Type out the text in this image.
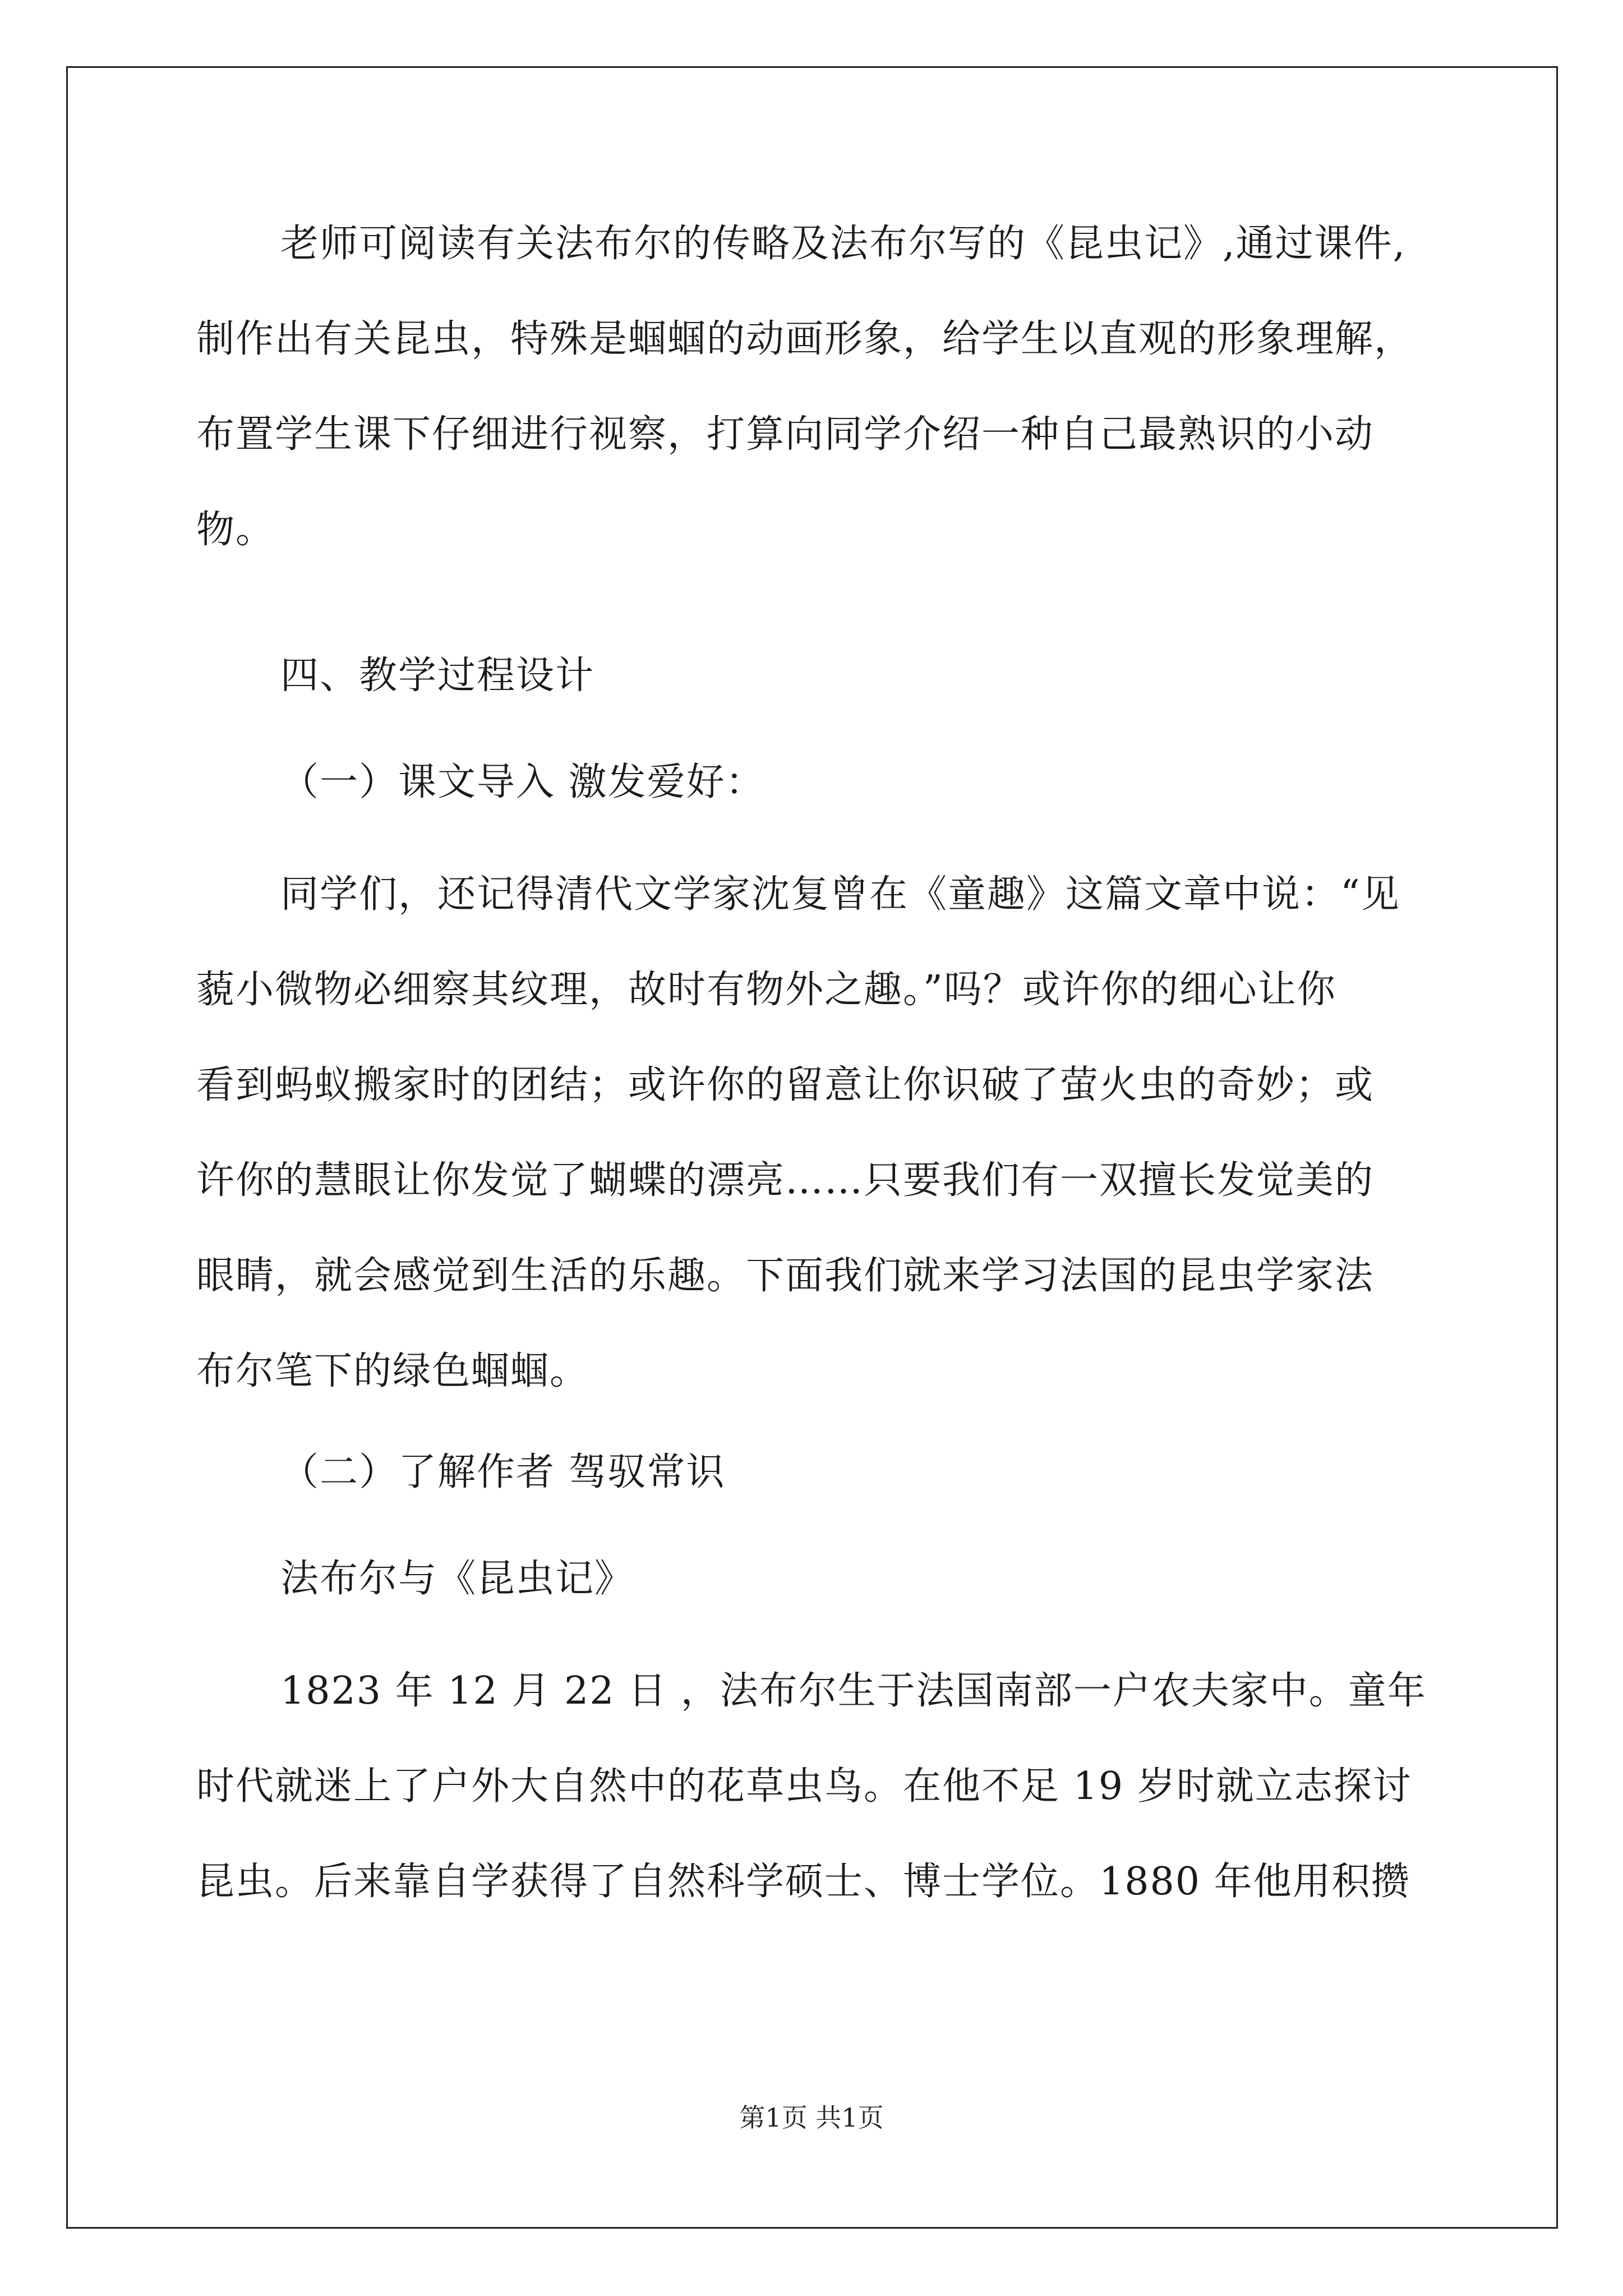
老师可阅读有关法布尔的传略及法布尔写的《昆虫记》,通过课件,
制作出有关昆虫，特殊是蝈蝈的动画形象，给学生以直观的形象理解，
布置学生课下仔细进行视察，打算向同学介绍一种自己最熟识的小动
物。
四、教学过程设计
（一）课文导入 激发爱好：
同学们，还记得清代文学家沈复曾在《童趣》这篇文章中说：“见
藐小微物必细察其纹理，故时有物外之趣。”吗？或许你的细心让你
看到蚂蚁搬家时的团结；或许你的留意让你识破了萤火虫的奇妙；或
许你的慧眼让你发觉了蝴蝶的漂亮……只要我们有一双擅长发觉美的
眼睛，就会感觉到生活的乐趣。下面我们就来学习法国的昆虫学家法
布尔笔下的绿色蝈蝈。
（二）了解作者 驾驭常识
法布尔与《昆虫记》
1823 年 12 月 22 日 ，法布尔生于法国南部一户农夫家中。童年
时代就迷上了户外大自然中的花草虫鸟。在他不足 19 岁时就立志探讨
昆虫。后来靠自学获得了自然科学硕士、博士学位。1880 年他用积攒
第1页 共1页
